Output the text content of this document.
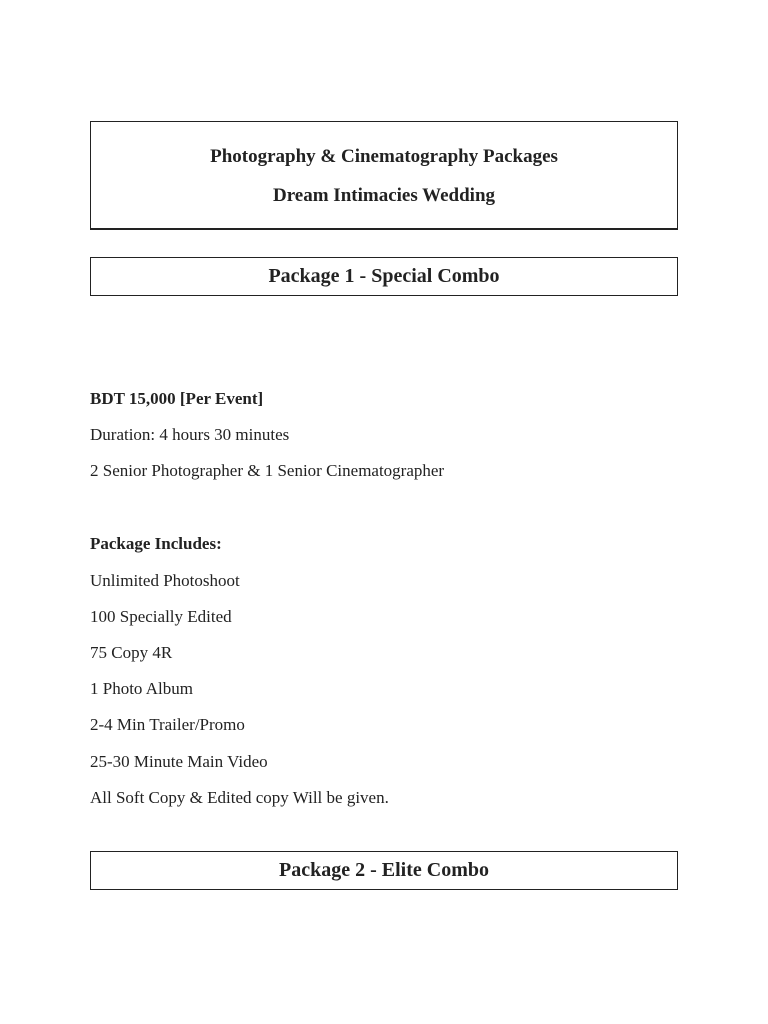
Photography & Cinematography Packages

Dream Intimacies Wedding

Package 1 - Special Combo
BDT 15,000 [Per Event]
Duration: 4 hours 30 minutes
2 Senior Photographer & 1 Senior Cinematographer
Package Includes:
Unlimited Photoshoot
100 Specially Edited
75 Copy 4R
1 Photo Album
2-4 Min Trailer/Promo
25-30 Minute Main Video
All Soft Copy & Edited copy Will be given.
Package 2 - Elite Combo
